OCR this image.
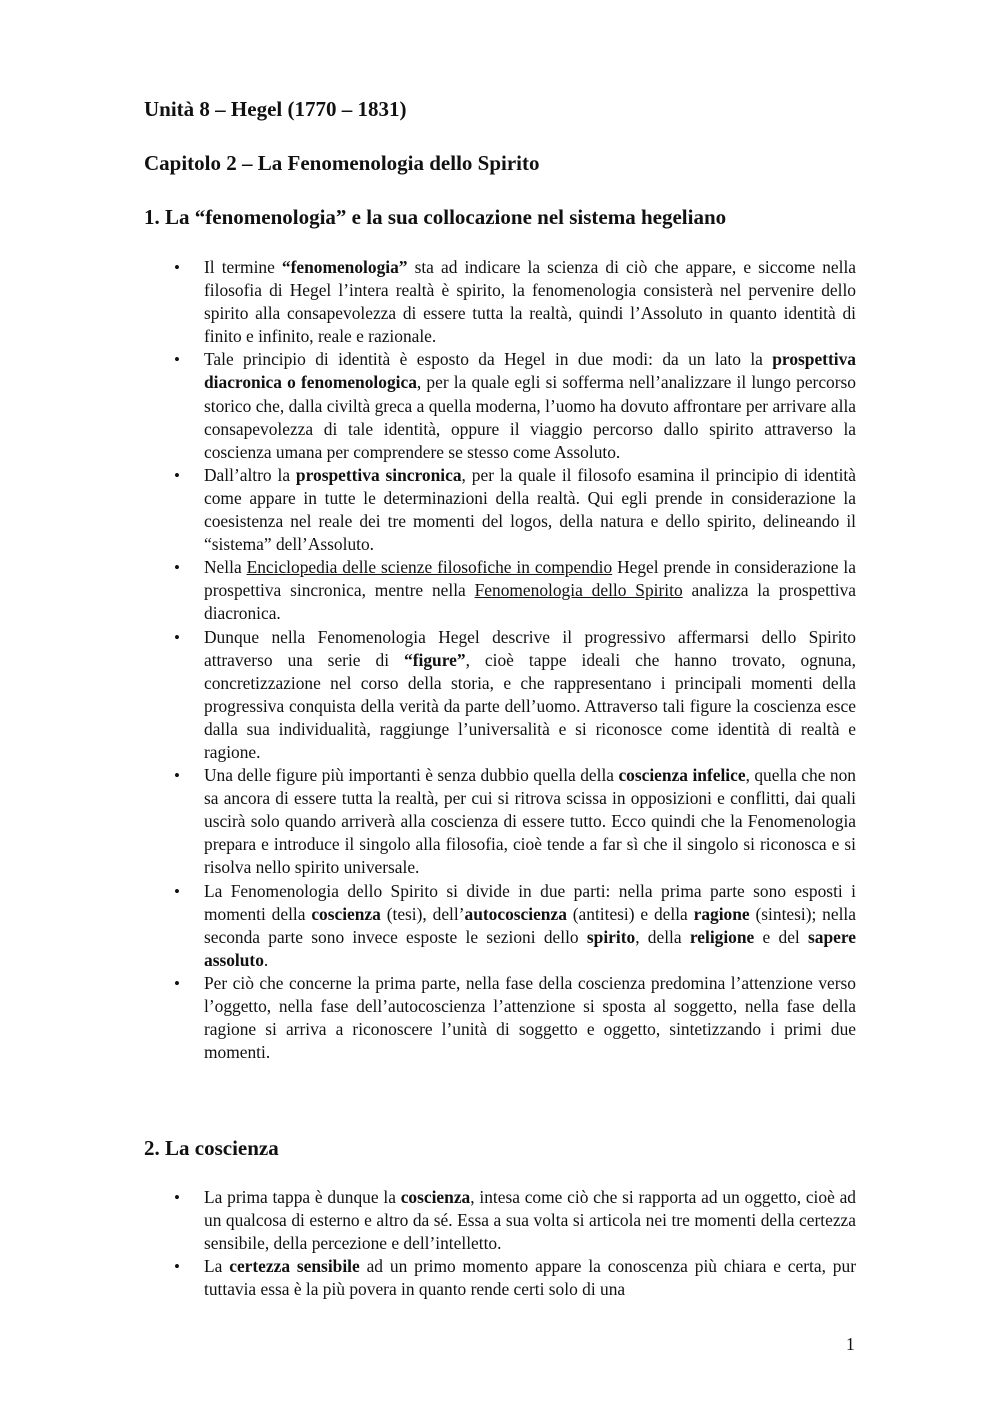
Unità 8 – Hegel (1770 – 1831)
Capitolo 2 – La Fenomenologia dello Spirito
1. La “fenomenologia” e la sua collocazione nel sistema hegeliano
• Il termine “fenomenologia” sta ad indicare la scienza di ciò che appare, e siccome nella filosofia di Hegel l’intera realtà è spirito, la fenomenologia consisterà nel pervenire dello spirito alla consapevolezza di essere tutta la realtà, quindi l’Assoluto in quanto identità di finito e infinito, reale e razionale.
• Tale principio di identità è esposto da Hegel in due modi: da un lato la prospettiva diacronica o fenomenologica, per la quale egli si sofferma nell’analizzare il lungo percorso storico che, dalla civiltà greca a quella moderna, l’uomo ha dovuto affrontare per arrivare alla consapevolezza di tale identità, oppure il viaggio percorso dallo spirito attraverso la coscienza umana per comprendere se stesso come Assoluto.
• Dall’altro la prospettiva sincronica, per la quale il filosofo esamina il principio di identità come appare in tutte le determinazioni della realtà. Qui egli prende in considerazione la coesistenza nel reale dei tre momenti del logos, della natura e dello spirito, delineando il “sistema” dell’Assoluto.
• Nella Enciclopedia delle scienze filosofiche in compendio Hegel prende in considerazione la prospettiva sincronica, mentre nella Fenomenologia dello Spirito analizza la prospettiva diacronica.
• Dunque nella Fenomenologia Hegel descrive il progressivo affermarsi dello Spirito attraverso una serie di “figure”, cioè tappe ideali che hanno trovato, ognuna, concretizzazione nel corso della storia, e che rappresentano i principali momenti della progressiva conquista della verità da parte dell’uomo. Attraverso tali figure la coscienza esce dalla sua individualità, raggiunge l’universalità e si riconosce come identità di realtà e ragione.
• Una delle figure più importanti è senza dubbio quella della coscienza infelice, quella che non sa ancora di essere tutta la realtà, per cui si ritrova scissa in opposizioni e conflitti, dai quali uscirà solo quando arriverà alla coscienza di essere tutto. Ecco quindi che la Fenomenologia prepara e introduce il singolo alla filosofia, cioè tende a far sì che il singolo si riconosca e si risolva nello spirito universale.
• La Fenomenologia dello Spirito si divide in due parti: nella prima parte sono esposti i momenti della coscienza (tesi), dell’autocoscienza (antitesi) e della ragione (sintesi); nella seconda parte sono invece esposte le sezioni dello spirito, della religione e del sapere assoluto.
• Per ciò che concerne la prima parte, nella fase della coscienza predomina l’attenzione verso l’oggetto, nella fase dell’autocoscienza l’attenzione si sposta al soggetto, nella fase della ragione si arriva a riconoscere l’unità di soggetto e oggetto, sintetizzando i primi due momenti.
2. La coscienza
• La prima tappa è dunque la coscienza, intesa come ciò che si rapporta ad un oggetto, cioè ad un qualcosa di esterno e altro da sé. Essa a sua volta si articola nei tre momenti della certezza sensibile, della percezione e dell’intelletto.
• La certezza sensibile ad un primo momento appare la conoscenza più chiara e certa, pur tuttavia essa è la più povera in quanto rende certi solo di una
1
